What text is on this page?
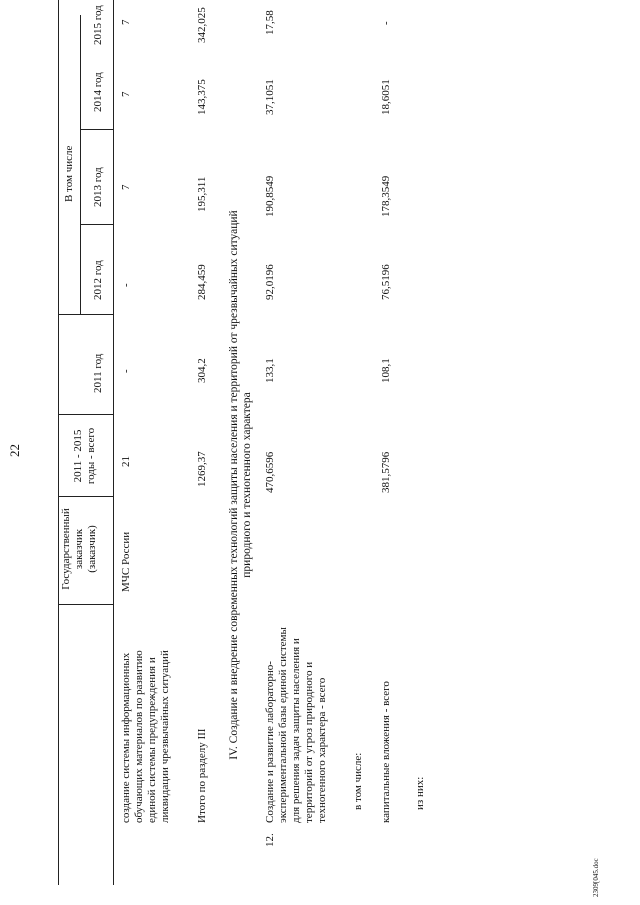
22
Государственный
заказчик
(заказчик)
2011 - 2015
годы - всего
В том числе
2011 год
2012 год
2013 год
2014 год
2015 год
создание системы информационных
обучающих материалов по развитию
единой системы предупреждения и
ликвидации чрезвычайных ситуаций
МЧС России
21
-
-
7
7
7
Итого по разделу III
1269,37
304,2
284,459
195,311
143,375
342,025
IV. Создание и внедрение современных технологий защиты населения и территорий от чрезвычайных ситуаций
природного и техногенного характера
12.
Создание и развитие лабораторно-
экспериментальной базы единой системы
для решения задач защиты населения и
территорий от угроз природного и
техногенного характера - всего
470,6596
133,1
92,0196
190,8549
37,1051
17,58
в том числе: капитальные вложения - всего
381,5796
108,1
76,5196
178,3549
18,6051
-
из них:
2309[045.doc
